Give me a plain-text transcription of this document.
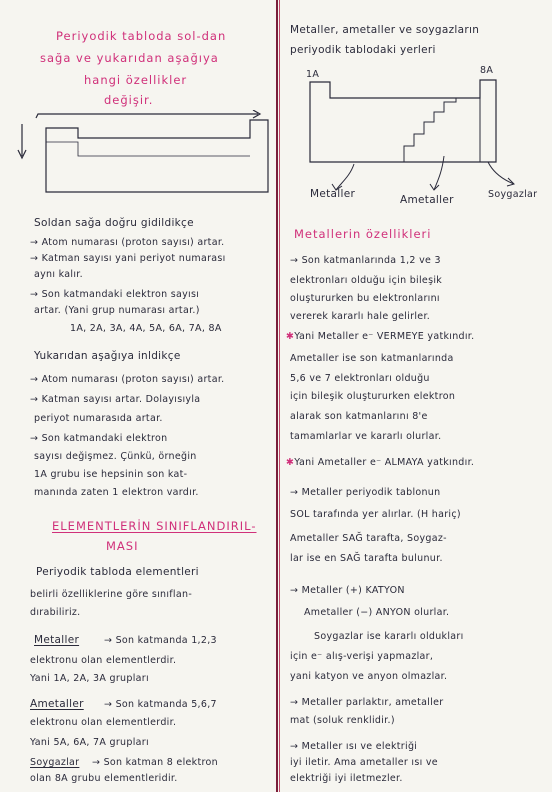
Periyodik tabloda sol-dan
sağa ve yukarıdan aşağıya
hangi özellikler
değişir.
Soldan sağa doğru gidildikçe
→ Atom numarası (proton sayısı) artar.
→ Katman sayısı yani periyot numarası
aynı kalır.
→ Son katmandaki elektron sayısı
artar. (Yani grup numarası artar.)
1A, 2A, 3A, 4A, 5A, 6A, 7A, 8A
Yukarıdan aşağıya inldikçe
→ Atom numarası (proton sayısı) artar.
→ Katman sayısı artar. Dolayısıyla
periyot numarasıda artar.
→ Son katmandaki elektron
sayısı değişmez. Çünkü, örneğin
1A grubu ise hepsinin son kat-
manında zaten 1 elektron vardır.
ELEMENTLERİN SINIFLANDIRIL-
MASI
Periyodik tabloda elementleri
belirli özelliklerine göre sınıflan-
dırabiliriz.
Metaller	→ Son katmanda 1,2,3
elektronu olan elementlerdir.
Yani 1A, 2A, 3A grupları
Ametaller → Son katmanda 5,6,7
elektronu olan elementlerdir.
Yani 5A, 6A, 7A grupları
Soygazlar → Son katman 8 elektron
olan 8A grubu elementleridir.
Metaller, ametaller ve soygazların
periyodik tablodaki yerleri
1A	8A
Metaller	Ametaller	Soygazlar
Metallerin özellikleri
→ Son katmanlarında 1,2 ve 3
elektronları olduğu için bileşik
oluştururken bu elektronlarını
vererek kararlı hale gelirler.
✱Yani Metaller e⁻ VERMEYE yatkındır.
Ametaller ise son katmanlarında
5,6 ve 7 elektronları olduğu
için bileşik oluştururken elektron
alarak son katmanlarını 8'e
tamamlarlar ve kararlı olurlar.
✱Yani Ametaller e⁻ ALMAYA yatkındır.
→ Metaller periyodik tablonun
SOL tarafında yer alırlar. (H hariç)
Ametaller SAĞ tarafta, Soygaz-
lar ise en SAĞ tarafta bulunur.
→ Metaller (+) KATYON
Ametaller (−) ANYON olurlar.
Soygazlar ise kararlı oldukları
için e⁻ alış-verişi yapmazlar,
yani katyon ve anyon olmazlar.
→ Metaller parlaktır, ametaller
mat (soluk renklidir.)
→ Metaller ısı ve elektriği
iyi iletir. Ama ametaller ısı ve
elektriği iyi iletmezler.
